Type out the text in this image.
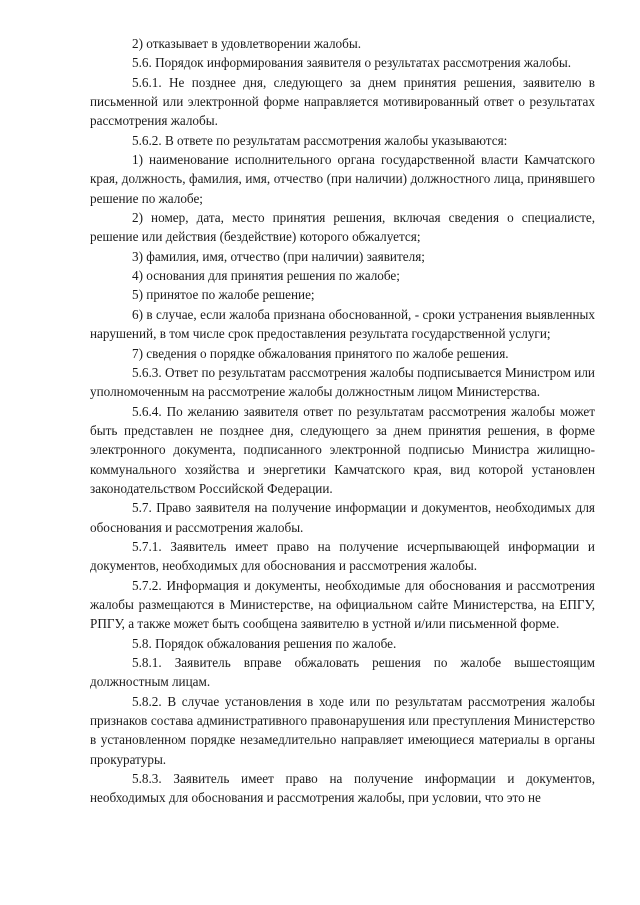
2) отказывает в удовлетворении жалобы.

5.6. Порядок информирования заявителя о результатах рассмотрения жалобы.

5.6.1. Не позднее дня, следующего за днем принятия решения, заявителю в письменной или электронной форме направляется мотивированный ответ о результатах рассмотрения жалобы.

5.6.2. В ответе по результатам рассмотрения жалобы указываются:

1) наименование исполнительного органа государственной власти Камчатского края, должность, фамилия, имя, отчество (при наличии) должностного лица, принявшего решение по жалобе;

2) номер, дата, место принятия решения, включая сведения о специалисте, решение или действия (бездействие) которого обжалуется;

3) фамилия, имя, отчество (при наличии) заявителя;

4) основания для принятия решения по жалобе;

5) принятое по жалобе решение;

6) в случае, если жалоба признана обоснованной, - сроки устранения выявленных нарушений, в том числе срок предоставления результата государственной услуги;

7) сведения о порядке обжалования принятого по жалобе решения.

5.6.3. Ответ по результатам рассмотрения жалобы подписывается Министром или уполномоченным на рассмотрение жалобы должностным лицом Министерства.

5.6.4. По желанию заявителя ответ по результатам рассмотрения жалобы может быть представлен не позднее дня, следующего за днем принятия решения, в форме электронного документа, подписанного электронной подписью Министра жилищно-коммунального хозяйства и энергетики Камчатского края, вид которой установлен законодательством Российской Федерации.

5.7. Право заявителя на получение информации и документов, необходимых для обоснования и рассмотрения жалобы.

5.7.1. Заявитель имеет право на получение исчерпывающей информации и документов, необходимых для обоснования и рассмотрения жалобы.

5.7.2. Информация и документы, необходимые для обоснования и рассмотрения жалобы размещаются в Министерстве, на официальном сайте Министерства, на ЕПГУ, РПГУ, а также может быть сообщена заявителю в устной и/или письменной форме.

5.8. Порядок обжалования решения по жалобе.

5.8.1. Заявитель вправе обжаловать решения по жалобе вышестоящим должностным лицам.

5.8.2. В случае установления в ходе или по результатам рассмотрения жалобы признаков состава административного правонарушения или преступления Министерство в установленном порядке незамедлительно направляет имеющиеся материалы в органы прокуратуры.

5.8.3. Заявитель имеет право на получение информации и документов, необходимых для обоснования и рассмотрения жалобы, при условии, что это не
